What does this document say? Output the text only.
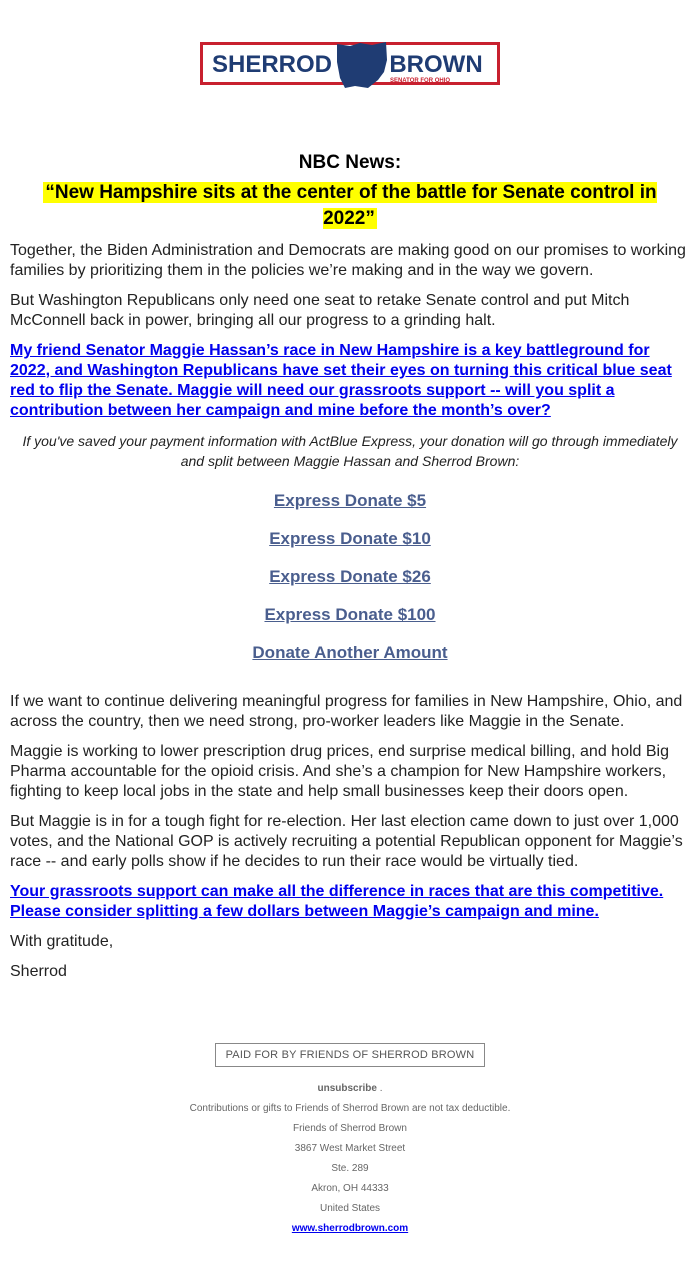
SHERROD BROWN
SENATOR FOR OHIO
NBC News:
“New Hampshire sits at the center of the battle for Senate control in 2022”

Together, the Biden Administration and Democrats are making good on our promises to working families by prioritizing them in the policies we’re making and in the way we govern.

But Washington Republicans only need one seat to retake Senate control and put Mitch McConnell back in power, bringing all our progress to a grinding halt.

My friend Senator Maggie Hassan’s race in New Hampshire is a key battleground for 2022, and Washington Republicans have set their eyes on turning this critical blue seat red to flip the Senate. Maggie will need our grassroots support -- will you split a contribution between her campaign and mine before the month’s over?

If you've saved your payment information with ActBlue Express, your donation will go through immediately and split between Maggie Hassan and Sherrod Brown:

Express Donate $5
Express Donate $10
Express Donate $26
Express Donate $100
Donate Another Amount

If we want to continue delivering meaningful progress for families in New Hampshire, Ohio, and across the country, then we need strong, pro-worker leaders like Maggie in the Senate.

Maggie is working to lower prescription drug prices, end surprise medical billing, and hold Big Pharma accountable for the opioid crisis. And she’s a champion for New Hampshire workers, fighting to keep local jobs in the state and help small businesses keep their doors open.

But Maggie is in for a tough fight for re-election. Her last election came down to just over 1,000 votes, and the National GOP is actively recruiting a potential Republican opponent for Maggie’s race -- and early polls show if he decides to run their race would be virtually tied.

Your grassroots support can make all the difference in races that are this competitive. Please consider splitting a few dollars between Maggie’s campaign and mine.

With gratitude,

Sherrod

PAID FOR BY FRIENDS OF SHERROD BROWN
unsubscribe .
Contributions or gifts to Friends of Sherrod Brown are not tax deductible.
Friends of Sherrod Brown
3867 West Market Street
Ste. 289
Akron, OH 44333
United States
www.sherrodbrown.com
